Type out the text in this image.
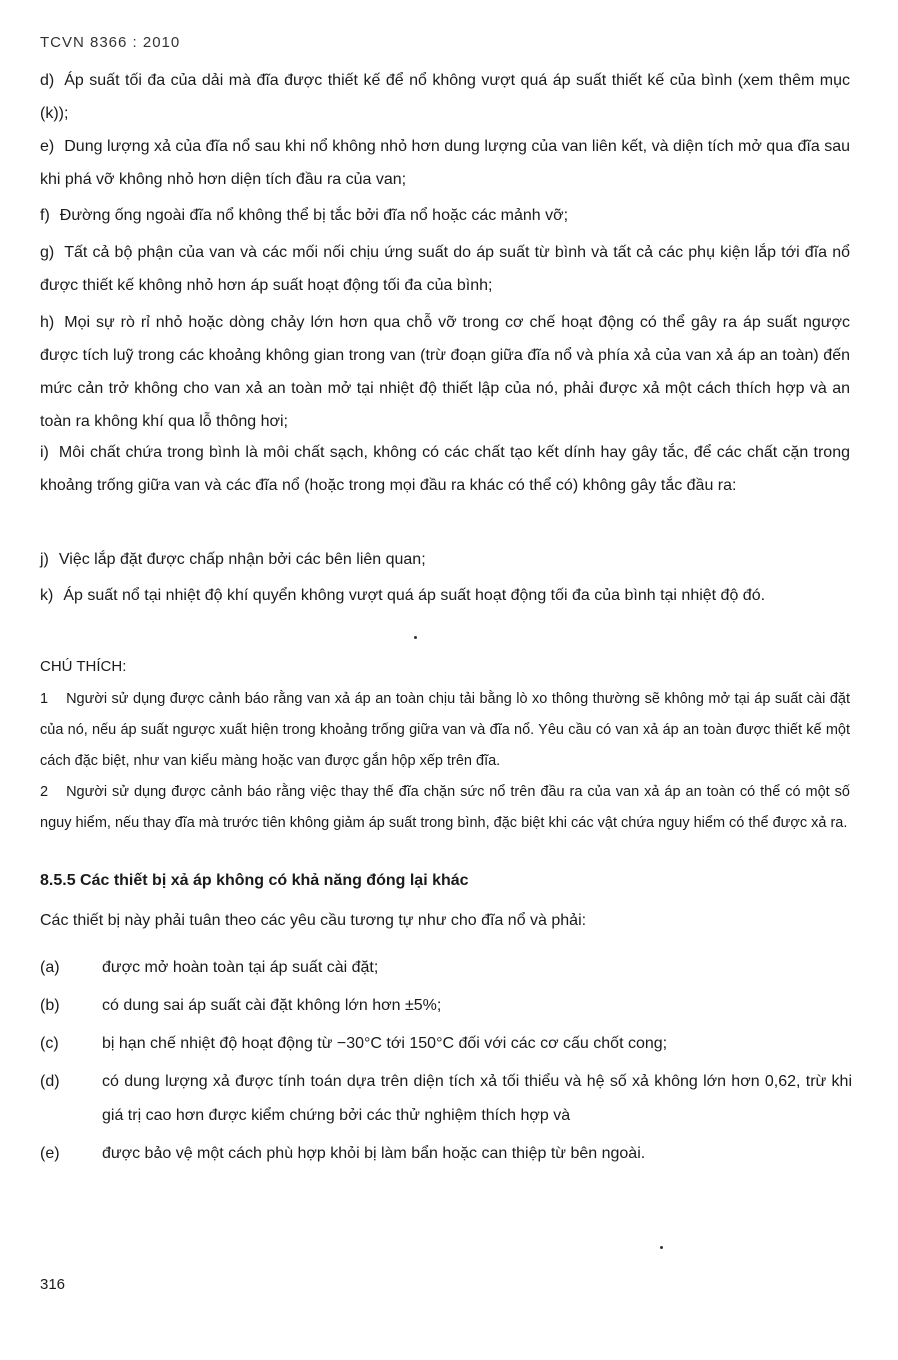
TCVN 8366 : 2010

d) Áp suất tối đa của dải mà đĩa được thiết kế để nổ không vượt quá áp suất thiết kế của bình (xem thêm mục (k));

e) Dung lượng xả của đĩa nổ sau khi nổ không nhỏ hơn dung lượng của van liên kết, và diện tích mở qua đĩa sau khi phá vỡ không nhỏ hơn diện tích đầu ra của van;

f) Đường ống ngoài đĩa nổ không thể bị tắc bởi đĩa nổ hoặc các mảnh vỡ;

g) Tất cả bộ phận của van và các mối nối chịu ứng suất do áp suất từ bình và tất cả các phụ kiện lắp tới đĩa nổ được thiết kế không nhỏ hơn áp suất hoạt động tối đa của bình;

h) Mọi sự rò rỉ nhỏ hoặc dòng chảy lớn hơn qua chỗ vỡ trong cơ chế hoạt động có thể gây ra áp suất ngược được tích luỹ trong các khoảng không gian trong van (trừ đoạn giữa đĩa nổ và phía xả của van xả áp an toàn) đến mức cản trở không cho van xả an toàn mở tại nhiệt độ thiết lập của nó, phải được xả một cách thích hợp và an toàn ra không khí qua lỗ thông hơi;

i) Môi chất chứa trong bình là môi chất sạch, không có các chất tạo kết dính hay gây tắc, để các chất cặn trong khoảng trống giữa van và các đĩa nổ (hoặc trong mọi đầu ra khác có thể có) không gây tắc đầu ra:

j) Việc lắp đặt được chấp nhận bởi các bên liên quan;

k) Áp suất nổ tại nhiệt độ khí quyển không vượt quá áp suất hoạt động tối đa của bình tại nhiệt độ đó.

CHÚ THÍCH:

1 Người sử dụng được cảnh báo rằng van xả áp an toàn chịu tải bằng lò xo thông thường sẽ không mở tại áp suất cài đặt của nó, nếu áp suất ngược xuất hiện trong khoảng trống giữa van và đĩa nổ. Yêu cầu có van xả áp an toàn được thiết kế một cách đặc biệt, như van kiểu màng hoặc van được gắn hộp xếp trên đĩa.

2 Người sử dụng được cảnh báo rằng việc thay thế đĩa chặn sức nổ trên đầu ra của van xả áp an toàn có thể có một số nguy hiểm, nếu thay đĩa mà trước tiên không giảm áp suất trong bình, đặc biệt khi các vật chứa nguy hiểm có thể được xả ra.

8.5.5 Các thiết bị xả áp không có khả năng đóng lại khác

Các thiết bị này phải tuân theo các yêu cầu tương tự như cho đĩa nổ và phải:

(a)	được mở hoàn toàn tại áp suất cài đặt;
(b)	có dung sai áp suất cài đặt không lớn hơn ±5%;
(c)	bị hạn chế nhiệt độ hoạt động từ −30°C tới 150°C đối với các cơ cấu chốt cong;
(d)	có dung lượng xả được tính toán dựa trên diện tích xả tối thiểu và hệ số xả không lớn hơn 0,62, trừ khi giá trị cao hơn được kiểm chứng bởi các thử nghiệm thích hợp và
(e)	được bảo vệ một cách phù hợp khỏi bị làm bẩn hoặc can thiệp từ bên ngoài.
316
